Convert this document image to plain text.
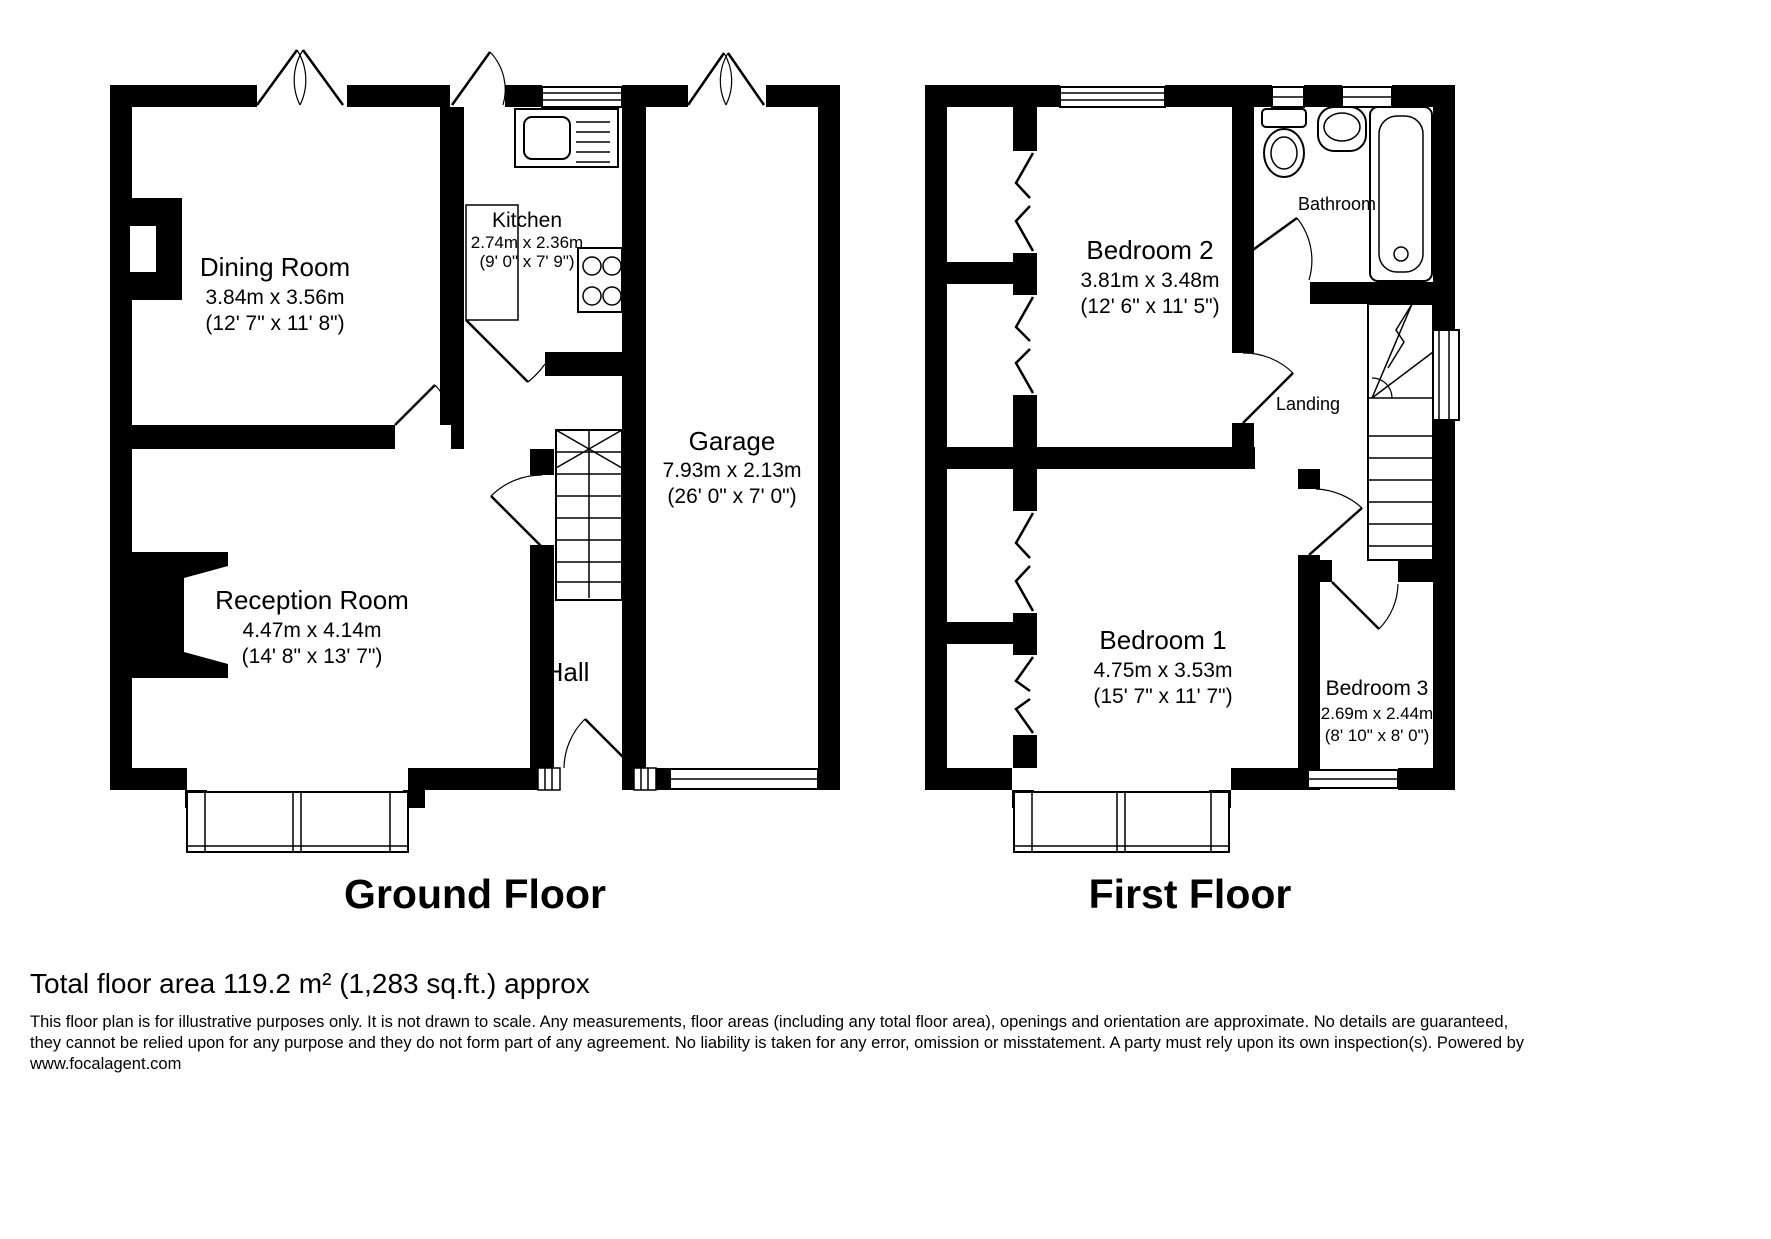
Dining Room
3.84m x 3.56m
(12' 7" x 11' 8")
Kitchen
2.74m x 2.36m
(9' 0" x 7' 9")
Garage
7.93m x 2.13m
(26' 0" x 7' 0")
Reception Room
4.47m x 4.14m
(14' 8" x 13' 7")
Hall
Ground Floor
Bedroom 2
3.81m x 3.48m
(12' 6" x 11' 5")
Bathroom
Landing
Bedroom 1
4.75m x 3.53m
(15' 7" x 11' 7")	Bedroom 3
2.69m x 2.44m
(8' 10" x 8' 0")
First Floor
Total floor area 119.2 m² (1,283 sq.ft.) approx
This floor plan is for illustrative purposes only. It is not drawn to scale. Any measurements, floor areas (including any total floor area), openings and orientation are approximate. No details are guaranteed, they cannot be relied upon for any purpose and they do not form part of any agreement. No liability is taken for any error, omission or misstatement. A party must rely upon its own inspection(s). Powered by www.focalagent.com
